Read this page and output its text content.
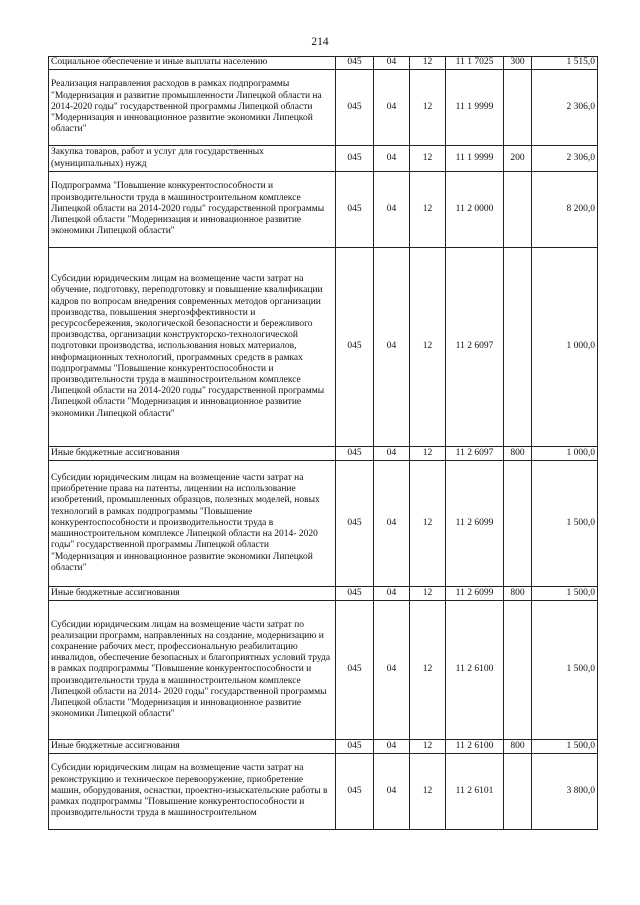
214
Социальное обеспечение и иные выплаты населению	045	04	12	11 1 7025	300	1 515,0
Реализация направления расходов в рамках подпрограммы "Модернизация и развитие промышленности Липецкой области на 2014-2020 годы" государственной программы Липецкой области "Модернизация и инновационное развитие экономики Липецкой области"	045	04	12	11 1 9999		2 306,0
Закупка товаров, работ и услуг для государственных (муниципальных) нужд	045	04	12	11 1 9999	200	2 306,0
Подпрограмма "Повышение конкурентоспособности и производительности труда в машиностроительном комплексе Липецкой области на 2014-2020 годы" государственной программы Липецкой области "Модернизация и инновационное развитие экономики Липецкой области"	045	04	12	11 2 0000		8 200,0
Субсидии юридическим лицам на возмещение части затрат на обучение, подготовку, переподготовку и повышение квалификации кадров по вопросам внедрения современных методов организации производства, повышения энергоэффективности и ресурсосбережения, экологической безопасности и бережливого производства, организации конструкторско-технологической подготовки производства, использования новых материалов, информационных технологий, программных средств в рамках подпрограммы "Повышение конкурентоспособности и производительности труда в машиностроительном комплексе Липецкой области на 2014-2020 годы" государственной программы Липецкой области "Модернизация и инновационное развитие экономики Липецкой области"	045	04	12	11 2 6097		1 000,0
Иные бюджетные ассигнования	045	04	12	11 2 6097	800	1 000,0
Субсидии юридическим лицам на возмещение части затрат на приобретение права на патенты, лицензии на использование изобретений, промышленных образцов, полезных моделей, новых технологий в рамках подпрограммы "Повышение конкурентоспособности и производительности труда в машиностроительном комплексе Липецкой области на 2014- 2020 годы" государственной программы Липецкой области "Модернизация и инновационное развитие экономики Липецкой области"	045	04	12	11 2 6099		1 500,0
Иные бюджетные ассигнования	045	04	12	11 2 6099	800	1 500,0
Субсидии юридическим лицам на возмещение части затрат по реализации программ, направленных на создание, модернизацию и сохранение рабочих мест, профессиональную реабилитацию инвалидов, обеспечение безопасных и благоприятных условий труда в рамках подпрограммы "Повышение конкурентоспособности и производительности труда в машиностроительном комплексе Липецкой области на 2014- 2020 годы" государственной программы Липецкой области "Модернизация и инновационное развитие экономики Липецкой области"	045	04	12	11 2 6100		1 500,0
Иные бюджетные ассигнования	045	04	12	11 2 6100	800	1 500,0
Субсидии юридическим лицам на возмещение части затрат на реконструкцию и техническое перевооружение, приобретение машин, оборудования, оснастки, проектно-изыскательские работы в рамках подпрограммы "Повышение конкурентоспособности и производительности труда в машиностроительном	045	04	12	11 2 6101		3 800,0
